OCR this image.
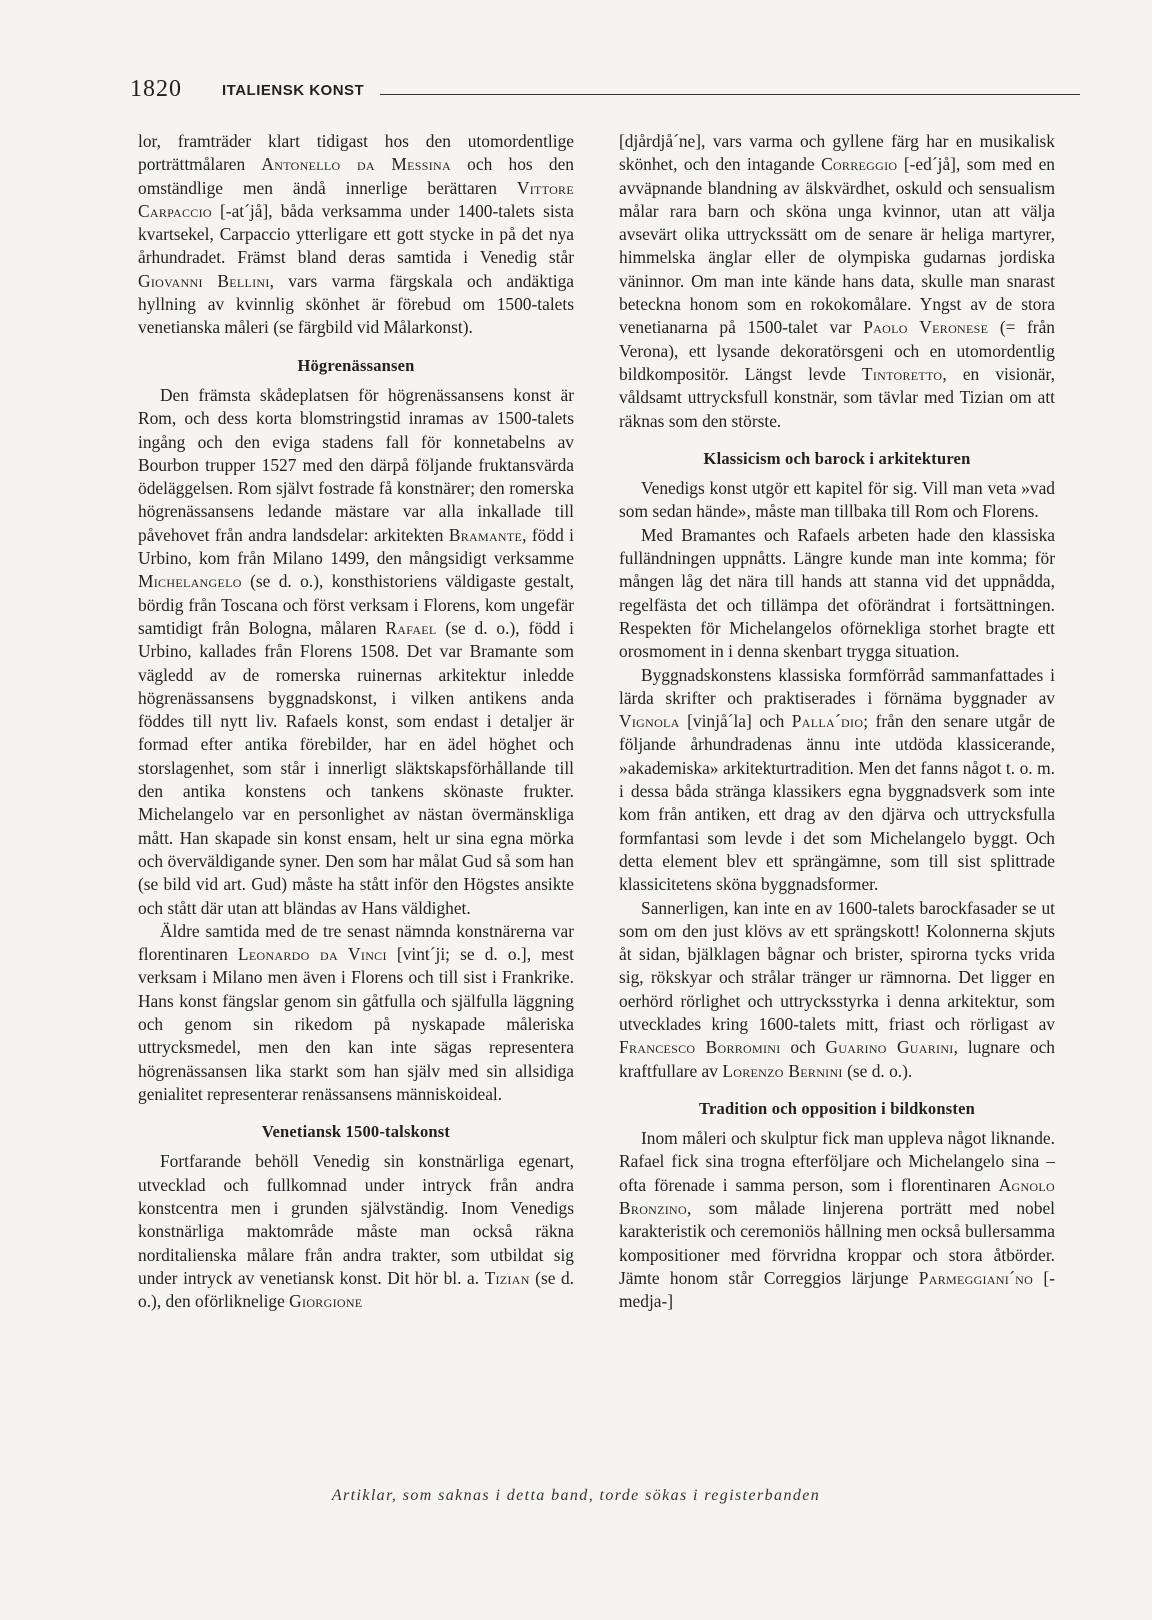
1820	ITALIENSK KONST

lor, framträder klart tidigast hos den utomordentlige porträttmålaren Antonello da Messina och hos den omständlige men ändå innerlige berättaren Vittore Carpaccio [-at´jå], båda verksamma under 1400-talets sista kvartsekel, Carpaccio ytterligare ett gott stycke in på det nya århundradet. Främst bland deras samtida i Venedig står Giovanni Bellini, vars varma färgskala och andäktiga hyllning av kvinnlig skönhet är förebud om 1500-talets venetianska måleri (se färgbild vid Målarkonst).

Högrenässansen

Den främsta skådeplatsen för högrenässansens konst är Rom, och dess korta blomstringstid inramas av 1500-talets ingång och den eviga stadens fall för konnetabelns av Bourbon trupper 1527 med den därpå följande fruktansvärda ödeläggelsen. Rom självt fostrade få konstnärer; den romerska högrenässansens ledande mästare var alla inkallade till påvehovet från andra landsdelar: arkitekten Bramante, född i Urbino, kom från Milano 1499, den mångsidigt verksamme Michelangelo (se d. o.), konsthistoriens väldigaste gestalt, bördig från Toscana och först verksam i Florens, kom ungefär samtidigt från Bologna, målaren Rafael (se d. o.), född i Urbino, kallades från Florens 1508. Det var Bramante som vägledd av de romerska ruinernas arkitektur inledde högrenässansens byggnadskonst, i vilken antikens anda föddes till nytt liv. Rafaels konst, som endast i detaljer är formad efter antika förebilder, har en ädel höghet och storslagenhet, som står i innerligt släktskapsförhållande till den antika konstens och tankens skönaste frukter. Michelangelo var en personlighet av nästan övermänskliga mått. Han skapade sin konst ensam, helt ur sina egna mörka och överväldigande syner. Den som har målat Gud så som han (se bild vid art. Gud) måste ha stått inför den Högstes ansikte och stått där utan att bländas av Hans väldighet.

Äldre samtida med de tre senast nämnda konstnärerna var florentinaren Leonardo da Vinci [vint´ji; se d. o.], mest verksam i Milano men även i Florens och till sist i Frankrike. Hans konst fängslar genom sin gåtfulla och själfulla läggning och genom sin rikedom på nyskapade måleriska uttrycksmedel, men den kan inte sägas representera högrenässansen lika starkt som han själv med sin allsidiga genialitet representerar renässansens människoideal.

Venetiansk 1500-talskonst

Fortfarande behöll Venedig sin konstnärliga egenart, utvecklad och fullkomnad under intryck från andra konstcentra men i grunden självständig. Inom Venedigs konstnärliga maktområde måste man också räkna norditalienska målare från andra trakter, som utbildat sig under intryck av venetiansk konst. Dit hör bl. a. Tizian (se d. o.), den oförliknelige Giorgione

[djårdjå´ne], vars varma och gyllene färg har en musikalisk skönhet, och den intagande Correggio [-ed´jå], som med en avväpnande blandning av älskvärdhet, oskuld och sensualism målar rara barn och sköna unga kvinnor, utan att välja avsevärt olika uttryckssätt om de senare är heliga martyrer, himmelska änglar eller de olympiska gudarnas jordiska väninnor. Om man inte kände hans data, skulle man snarast beteckna honom som en rokokomålare. Yngst av de stora venetianarna på 1500-talet var Paolo Veronese (= från Verona), ett lysande dekoratörsgeni och en utomordentlig bildkompositör. Längst levde Tintoretto, en visionär, våldsamt uttrycksfull konstnär, som tävlar med Tizian om att räknas som den störste.

Klassicism och barock i arkitekturen

Venedigs konst utgör ett kapitel för sig. Vill man veta »vad som sedan hände», måste man tillbaka till Rom och Florens.

Med Bramantes och Rafaels arbeten hade den klassiska fulländningen uppnåtts. Längre kunde man inte komma; för mången låg det nära till hands att stanna vid det uppnådda, regelfästa det och tillämpa det oförändrat i fortsättningen. Respekten för Michelangelos oförnekliga storhet bragte ett orosmoment in i denna skenbart trygga situation.

Byggnadskonstens klassiska formförråd sammanfattades i lärda skrifter och praktiserades i förnäma byggnader av Vignola [vinjå´la] och Palla´dio; från den senare utgår de följande århundradenas ännu inte utdöda klassicerande, »akademiska» arkitekturtradition. Men det fanns något t. o. m. i dessa båda stränga klassikers egna byggnadsverk som inte kom från antiken, ett drag av den djärva och uttrycksfulla formfantasi som levde i det som Michelangelo byggt. Och detta element blev ett sprängämne, som till sist splittrade klassicitetens sköna byggnadsformer.

Sannerligen, kan inte en av 1600-talets barockfasader se ut som om den just klövs av ett sprängskott! Kolonnerna skjuts åt sidan, bjälklagen bågnar och brister, spirorna tycks vrida sig, rökskyar och strålar tränger ur rämnorna. Det ligger en oerhörd rörlighet och uttrycksstyrka i denna arkitektur, som utvecklades kring 1600-talets mitt, friast och rörligast av Francesco Borromini och Guarino Guarini, lugnare och kraftfullare av Lorenzo Bernini (se d. o.).

Tradition och opposition i bildkonsten

Inom måleri och skulptur fick man uppleva något liknande. Rafael fick sina trogna efterföljare och Michelangelo sina – ofta förenade i samma person, som i florentinaren Agnolo Bronzino, som målade linjerena porträtt med nobel karakteristik och ceremoniös hållning men också bullersamma kompositioner med förvridna kroppar och stora åtbörder. Jämte honom står Correggios lärjunge Parmeggiani´no [-medja-]

Artiklar, som saknas i detta band, torde sökas i registerbanden
